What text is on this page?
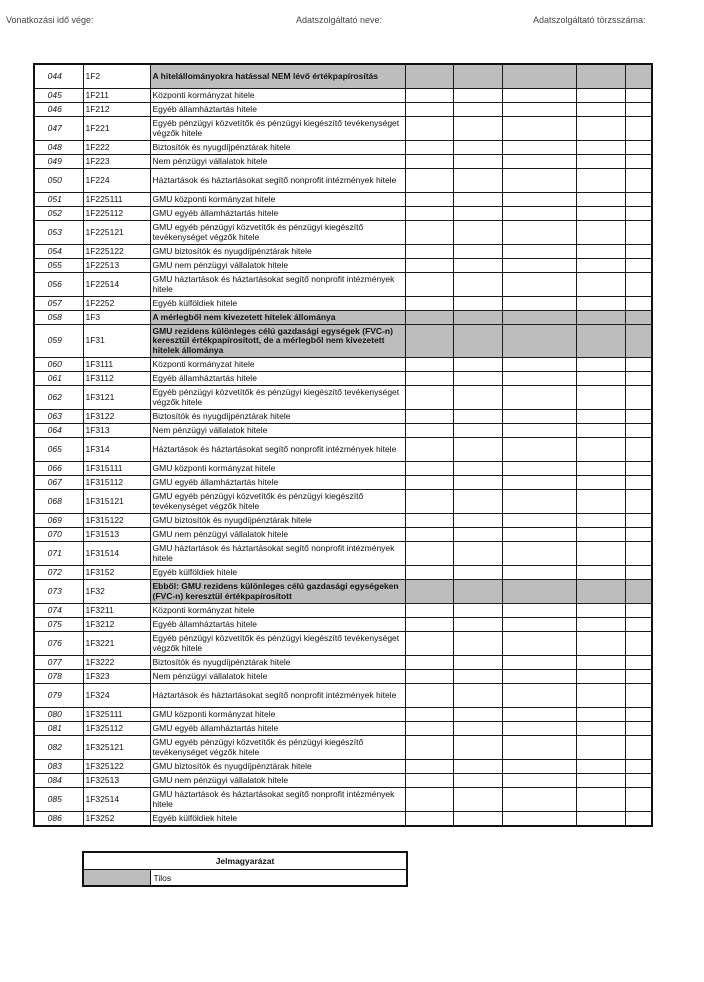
Vonatkozási idő vége:	Adatszolgáltató neve:	Adatszolgáltató törzsszáma:
044	1F2	A hitelállományokra hatással NEM lévő értékpapírosítás					
045	1F211	Központi kormányzat hitele					
046	1F212	Egyéb államháztartás hitele					
047	1F221	Egyéb pénzügyi közvetítők és pénzügyi kiegészítő tevékenységet végzők hitele					
048	1F222	Biztosítók és nyugdíjpénztárak hitele					
049	1F223	Nem pénzügyi vállalatok hitele					
050	1F224	Háztartások és háztartásokat segítő nonprofit intézmények hitele					
051	1F225111	GMU központi kormányzat hitele					
052	1F225112	GMU egyéb államháztartás hitele					
053	1F225121	GMU egyéb pénzügyi közvetítők és pénzügyi kiegészítő tevékenységet végzők hitele					
054	1F225122	GMU biztosítók és nyugdíjpénztárak hitele					
055	1F22513	GMU nem pénzügyi vállalatok hitele					
056	1F22514	GMU háztartások és háztartásokat segítő nonprofit intézmények hitele					
057	1F2252	Egyéb külföldiek hitele					
058	1F3	A mérlegből nem kivezetett hitelek állománya					
059	1F31	GMU rezidens különleges célú gazdasági egységek (FVC-n) keresztül értékpapírosított, de a mérlegből nem kivezetett hitelek állománya					
060	1F3111	Központi kormányzat hitele					
061	1F3112	Egyéb államháztartás hitele					
062	1F3121	Egyéb pénzügyi közvetítők és pénzügyi kiegészítő tevékenységet végzők hitele					
063	1F3122	Biztosítók és nyugdíjpénztárak hitele					
064	1F313	Nem pénzügyi vállalatok hitele					
065	1F314	Háztartások és háztartásokat segítő nonprofit intézmények hitele					
066	1F315111	GMU központi kormányzat hitele					
067	1F315112	GMU egyéb államháztartás hitele					
068	1F315121	GMU egyéb pénzügyi közvetítők és pénzügyi kiegészítő tevékenységet végzők hitele					
069	1F315122	GMU biztosítók és nyugdíjpénztárak hitele					
070	1F31513	GMU nem pénzügyi vállalatok hitele					
071	1F31514	GMU háztartások és háztartásokat segítő nonprofit intézmények hitele					
072	1F3152	Egyéb külföldiek hitele					
073	1F32	Ebből: GMU rezidens különleges célú gazdasági egységeken (FVC-n) keresztül értékpapírosított					
074	1F3211	Központi kormányzat hitele					
075	1F3212	Egyéb államháztartás hitele					
076	1F3221	Egyéb pénzügyi közvetítők és pénzügyi kiegészítő tevékenységet végzők hitele					
077	1F3222	Biztosítók és nyugdíjpénztárak hitele					
078	1F323	Nem pénzügyi vállalatok hitele					
079	1F324	Háztartások és háztartásokat segítő nonprofit intézmények hitele					
080	1F325111	GMU központi kormányzat hitele					
081	1F325112	GMU egyéb államháztartás hitele					
082	1F325121	GMU egyéb pénzügyi közvetítők és pénzügyi kiegészítő tevékenységet végzők hitele					
083	1F325122	GMU biztosítók és nyugdíjpénztárak hitele					
084	1F32513	GMU nem pénzügyi vállalatok hitele					
085	1F32514	GMU háztartások és háztartásokat segítő nonprofit intézmények hitele					
086	1F3252	Egyéb külföldiek hitele					
Jelmagyarázat
	Tilos
